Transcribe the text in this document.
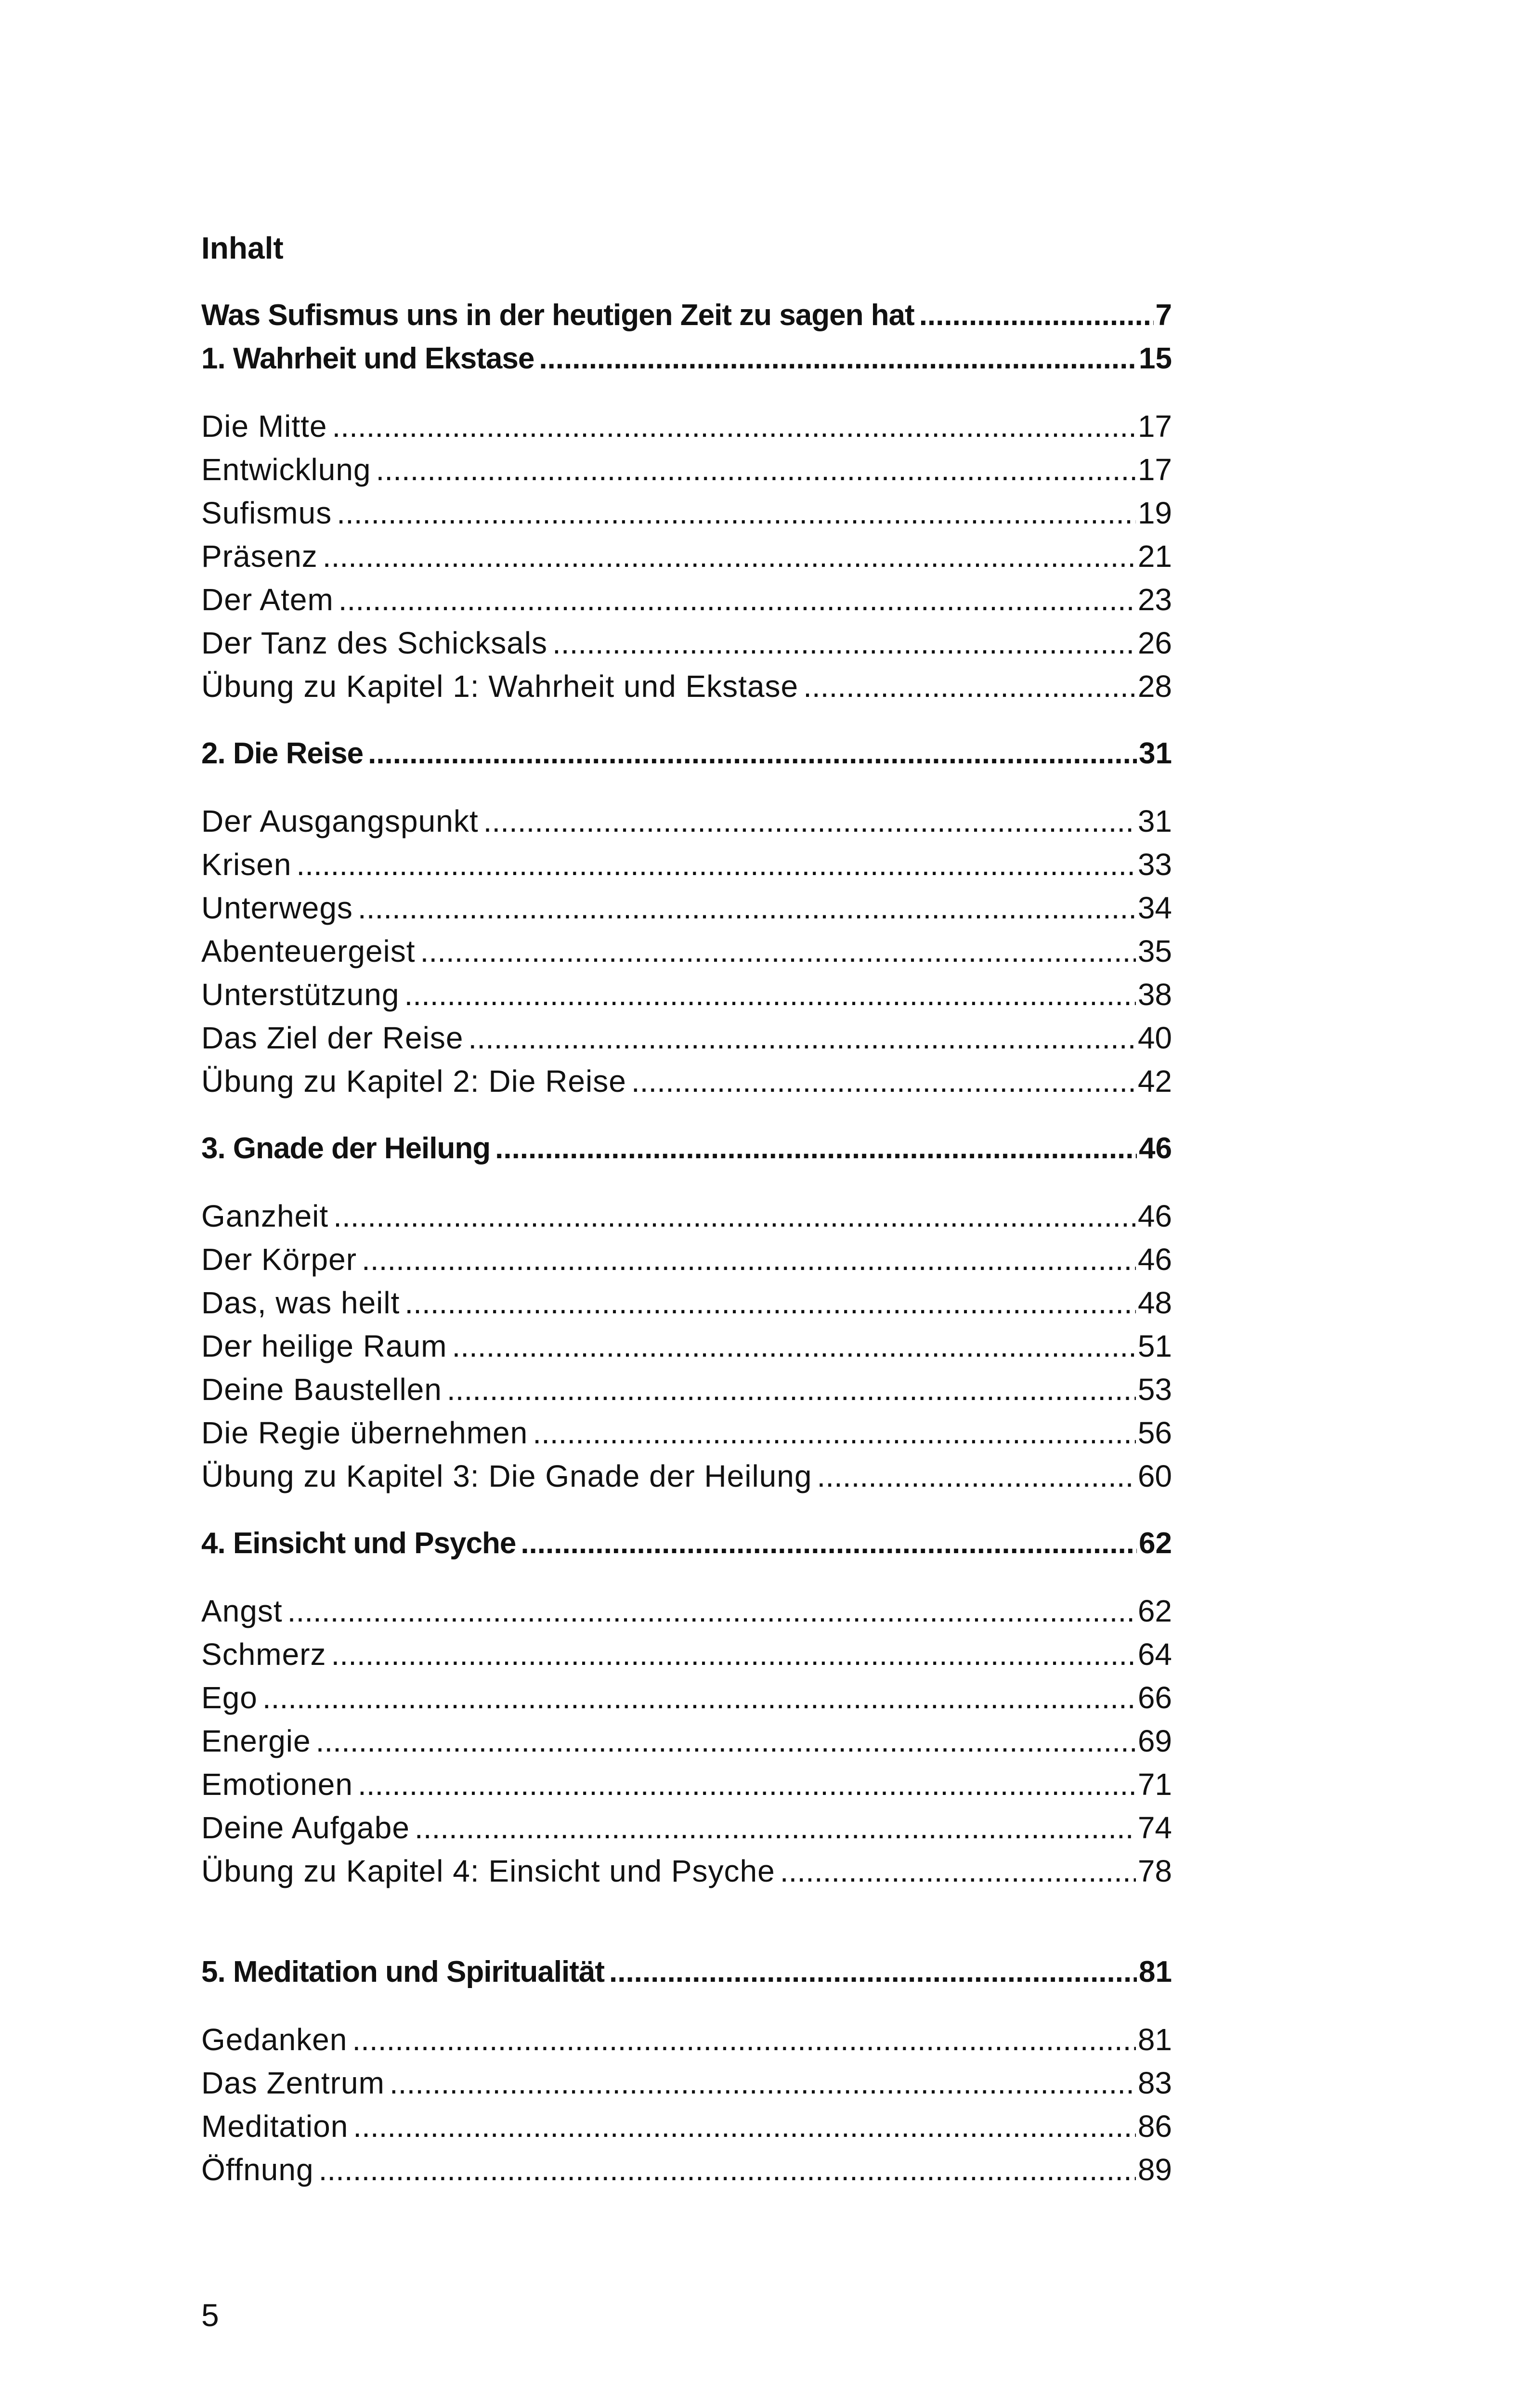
Inhalt
Was Sufismus uns in der heutigen Zeit zu sagen hat .....	7
1. Wahrheit und Ekstase .....	15
Die Mitte .....	17
Entwicklung .....	17
Sufismus .....	19
Präsenz .....	21
Der Atem .....	23
Der Tanz des Schicksals .....	26
Übung zu Kapitel 1: Wahrheit und Ekstase .....	28
2. Die Reise .....	31
Der Ausgangspunkt .....	31
Krisen .....	33
Unterwegs .....	34
Abenteuergeist .....	35
Unterstützung .....	38
Das Ziel der Reise .....	40
Übung zu Kapitel 2: Die Reise .....	42
3. Gnade der Heilung .....	46
Ganzheit .....	46
Der Körper .....	46
Das, was heilt .....	48
Der heilige Raum .....	51
Deine Baustellen .....	53
Die Regie übernehmen .....	56
Übung zu Kapitel 3: Die Gnade der Heilung .....	60
4. Einsicht und Psyche .....	62
Angst .....	62
Schmerz .....	64
Ego .....	66
Energie .....	69
Emotionen .....	71
Deine Aufgabe .....	74
Übung zu Kapitel 4: Einsicht und Psyche .....	78
5. Meditation und Spiritualität .....	81
Gedanken .....	81
Das Zentrum .....	83
Meditation .....	86
Öffnung .....	89
5
